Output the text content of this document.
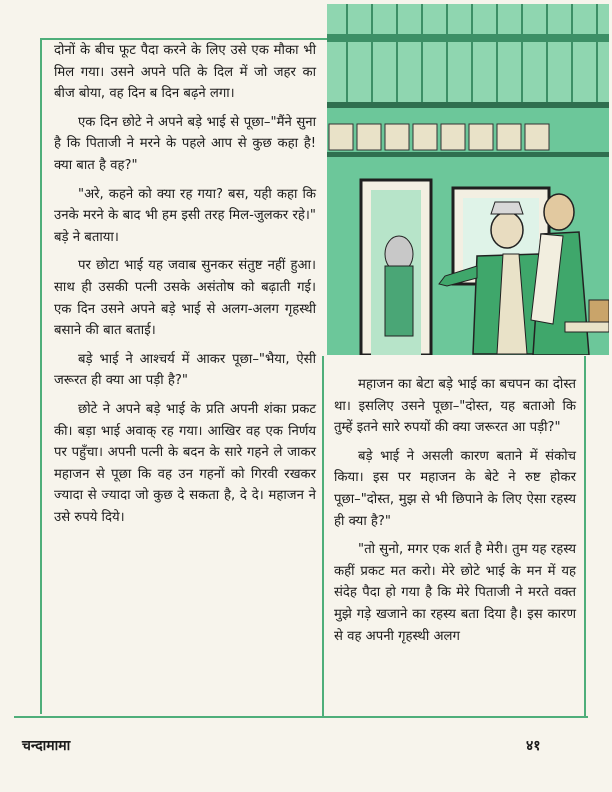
दोनों के बीच फूट पैदा करने के लिए उसे एक मौका भी मिल गया। उसने अपने पति के दिल में जो जहर का बीज बोया, वह दिन ब दिन बढ़ने लगा।

एक दिन छोटे ने अपने बड़े भाई से पूछा–"मैंने सुना है कि पिताजी ने मरने के पहले आप से कुछ कहा है! क्या बात है वह?"

"अरे, कहने को क्या रह गया? बस, यही कहा कि उनके मरने के बाद भी हम इसी तरह मिल-जुलकर रहे।" बड़े ने बताया।

पर छोटा भाई यह जवाब सुनकर संतुष्ट नहीं हुआ। साथ ही उसकी पत्नी उसके असंतोष को बढ़ाती गई। एक दिन उसने अपने बड़े भाई से अलग-अलग गृहस्थी बसाने की बात बताई।

बड़े भाई ने आश्चर्य में आकर पूछा–"भैया, ऐसी जरूरत ही क्या आ पड़ी है?"

छोटे ने अपने बड़े भाई के प्रति अपनी शंका प्रकट की। बड़ा भाई अवाक् रह गया। आखिर वह एक निर्णय पर पहुँचा। अपनी पत्नी के बदन के सारे गहने ले जाकर महाजन से पूछा कि वह उन गहनों को गिरवी रखकर ज्यादा से ज्यादा जो कुछ दे सकता है, दे दे। महाजन ने उसे रुपये दिये।

महाजन का बेटा बड़े भाई का बचपन का दोस्त था। इसलिए उसने पूछा–"दोस्त, यह बताओ कि तुम्हें इतने सारे रुपयों की क्या जरूरत आ पड़ी?"

बड़े भाई ने असली कारण बताने में संकोच किया। इस पर महाजन के बेटे ने रुष्ट होकर पूछा–"दोस्त, मुझ से भी छिपाने के लिए ऐसा रहस्य ही क्या है?"

"तो सुनो, मगर एक शर्त है मेरी। तुम यह रहस्य कहीं प्रकट मत करो। मेरे छोटे भाई के मन में यह संदेह पैदा हो गया है कि मेरे पिताजी ने मरते वक्त मुझे गड़े खजाने का रहस्य बता दिया है। इस कारण से वह अपनी गृहस्थी अलग

चन्दामामा	४१
